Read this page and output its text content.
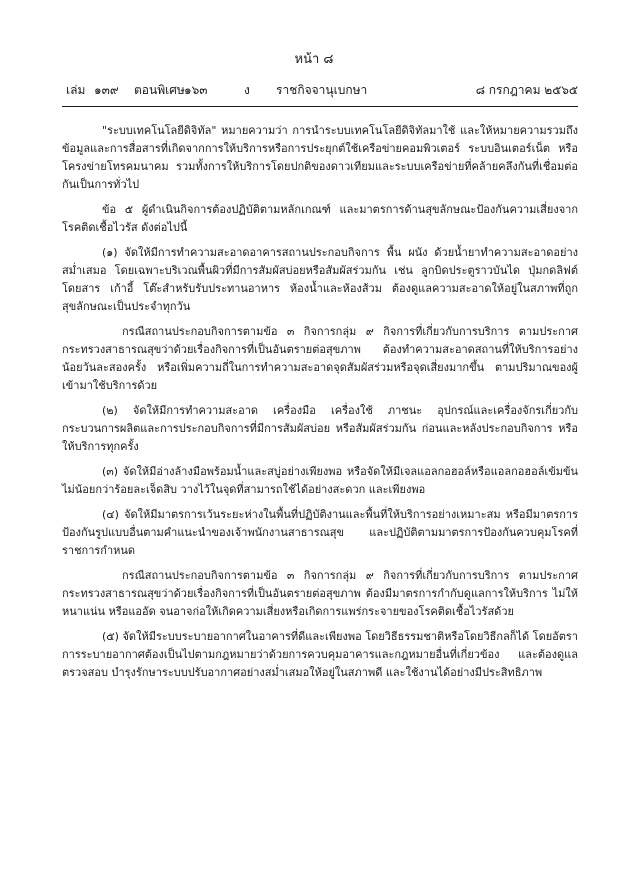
หน้า ๘
เล่ม ๑๓๙ ตอนพิเศษ ๑๖๓	ง ราชกิจจานุเบกษา	๘ กรกฎาคม ๒๕๖๕

"ระบบเทคโนโลยีดิจิทัล" หมายความว่า การนำระบบเทคโนโลยีดิจิทัลมาใช้ และให้หมายความรวมถึงข้อมูลและการสื่อสารที่เกิดจากการให้บริการหรือการประยุกต์ใช้เครือข่ายคอมพิวเตอร์ ระบบอินเตอร์เน็ต หรือโครงข่ายโทรคมนาคม รวมทั้งการให้บริการโดยปกติของดาวเทียมและระบบเครือข่ายที่คล้ายคลึงกันที่เชื่อมต่อกันเป็นการทั่วไป

ข้อ ๕ ผู้ดำเนินกิจการต้องปฏิบัติตามหลักเกณฑ์ และมาตรการด้านสุขลักษณะป้องกันความเสี่ยงจากโรคติดเชื้อไวรัส ดังต่อไปนี้

(๑) จัดให้มีการทำความสะอาดอาคารสถานประกอบกิจการ พื้น ผนัง ด้วยน้ำยาทำความสะอาดอย่างสม่ำเสมอ โดยเฉพาะบริเวณพื้นผิวที่มีการสัมผัสบ่อยหรือสัมผัสร่วมกัน เช่น ลูกบิดประตูราวบันได ปุ่มกดลิฟต์โดยสาร เก้าอี้ โต๊ะสำหรับรับประทานอาหาร ห้องน้ำและห้องส้วม ต้องดูแลความสะอาดให้อยู่ในสภาพที่ถูกสุขลักษณะเป็นประจำทุกวัน

กรณีสถานประกอบกิจการตามข้อ ๓ กิจการกลุ่ม ๙ กิจการที่เกี่ยวกับการบริการ ตามประกาศกระทรวงสาธารณสุขว่าด้วยเรื่องกิจการที่เป็นอันตรายต่อสุขภาพ ต้องทำความสะอาดสถานที่ให้บริการอย่างน้อยวันละสองครั้ง หรือเพิ่มความถี่ในการทำความสะอาดจุดสัมผัสร่วมหรือจุดเสี่ยงมากขึ้น ตามปริมาณของผู้เข้ามาใช้บริการด้วย

(๒) จัดให้มีการทำความสะอาด เครื่องมือ เครื่องใช้ ภาชนะ อุปกรณ์และเครื่องจักรเกี่ยวกับกระบวนการผลิตและการประกอบกิจการที่มีการสัมผัสบ่อย หรือสัมผัสร่วมกัน ก่อนและหลังประกอบกิจการ หรือให้บริการทุกครั้ง

(๓) จัดให้มีอ่างล้างมือพร้อมน้ำและสบู่อย่างเพียงพอ หรือจัดให้มีเจลแอลกอฮอล์หรือแอลกอฮอล์เข้มข้นไม่น้อยกว่าร้อยละเจ็ดสิบ วางไว้ในจุดที่สามารถใช้ได้อย่างสะดวก และเพียงพอ

(๔) จัดให้มีมาตรการเว้นระยะห่างในพื้นที่ปฏิบัติงานและพื้นที่ให้บริการอย่างเหมาะสม หรือมีมาตรการป้องกันรูปแบบอื่นตามคำแนะนำของเจ้าพนักงานสาธารณสุข และปฏิบัติตามมาตรการป้องกันควบคุมโรคที่ราชการกำหนด

กรณีสถานประกอบกิจการตามข้อ ๓ กิจการกลุ่ม ๙ กิจการที่เกี่ยวกับการบริการ ตามประกาศกระทรวงสาธารณสุขว่าด้วยเรื่องกิจการที่เป็นอันตรายต่อสุขภาพ ต้องมีมาตรการกำกับดูแลการให้บริการ ไม่ให้หนาแน่น หรือแออัด จนอาจก่อให้เกิดความเสี่ยงหรือเกิดการแพร่กระจายของโรคติดเชื้อไวรัสด้วย

(๕) จัดให้มีระบบระบายอากาศในอาคารที่ดีและเพียงพอ โดยวิธีธรรมชาติหรือโดยวิธีกลก็ได้ โดยอัตราการระบายอากาศต้องเป็นไปตามกฎหมายว่าด้วยการควบคุมอาคารและกฎหมายอื่นที่เกี่ยวข้อง และต้องดูแล ตรวจสอบ บำรุงรักษาระบบปรับอากาศอย่างสม่ำเสมอให้อยู่ในสภาพดี และใช้งานได้อย่างมีประสิทธิภาพ
